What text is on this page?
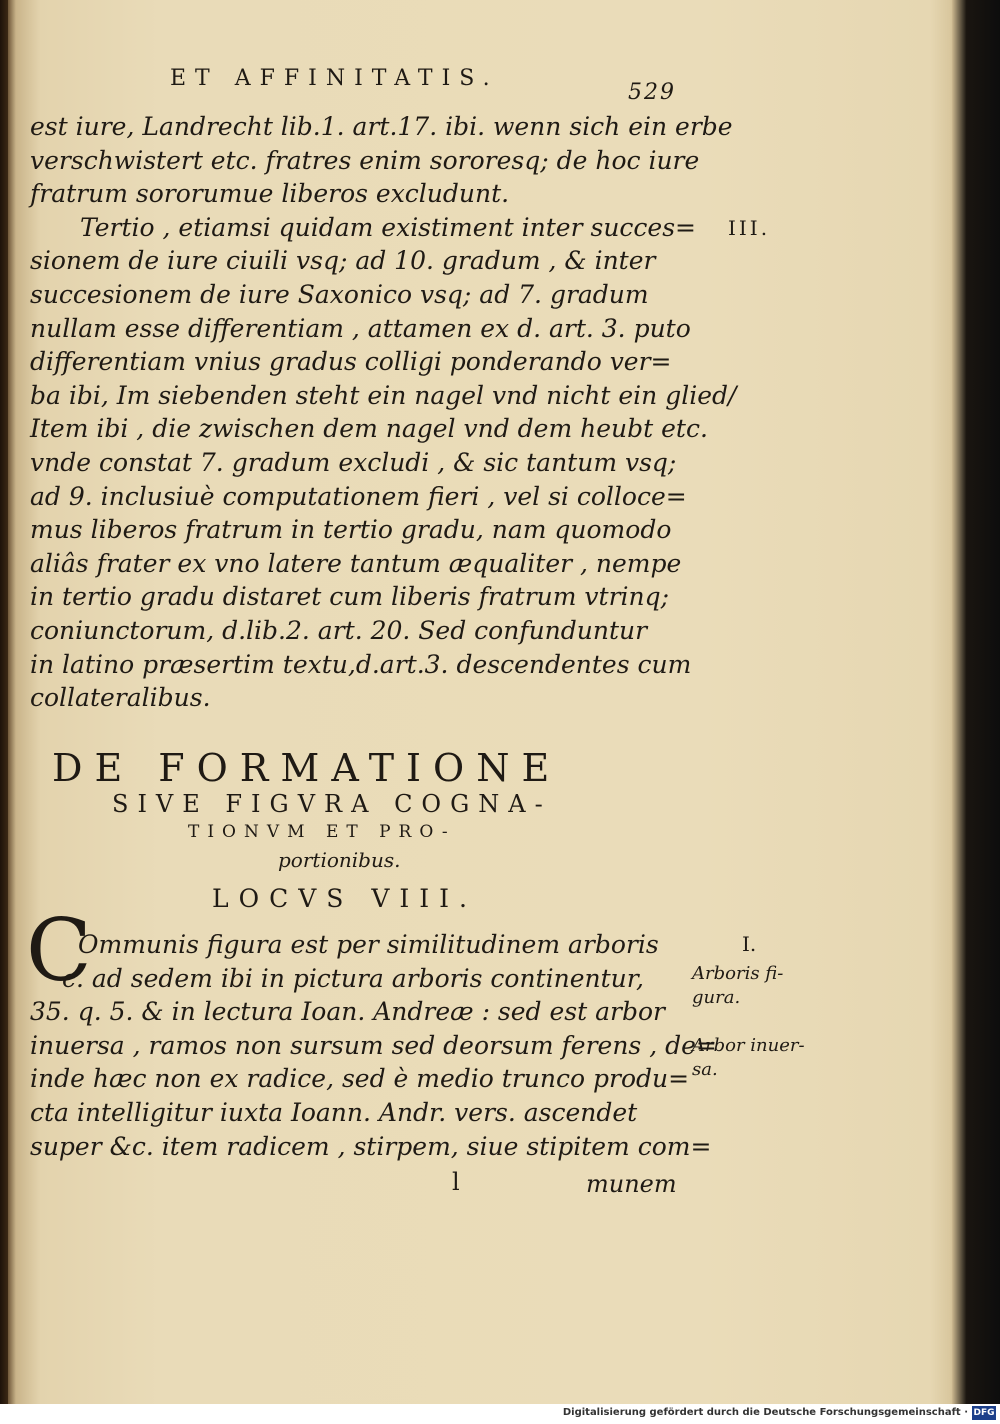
ET AFFINITATIS.
529
est iure, Landrecht lib.1. art.17. ibi. wenn sich ein erbe
verschwistert etc. fratres enim sororesq; de hoc iure
fratrum sororumue liberos excludunt.
Tertio , etiamsi quidam existiment inter succes=
sionem de iure ciuili vsq; ad 10. gradum , & inter
succesionem de iure Saxonico vsq; ad 7. gradum
nullam esse differentiam , attamen ex d. art. 3. puto
differentiam vnius gradus colligi ponderando ver=
ba ibi, Im siebenden steht ein nagel vnd nicht ein glied/
Item ibi , die zwischen dem nagel vnd dem heubt etc.
vnde constat 7. gradum excludi , & sic tantum vsq;
ad 9. inclusiuè computationem fieri , vel si colloce=
mus liberos fratrum in tertio gradu, nam quomodo
aliâs frater ex vno latere tantum æqualiter , nempe
in tertio gradu distaret cum liberis fratrum vtrinq;
coniunctorum, d.lib.2. art. 20. Sed confunduntur
in latino præsertim textu,d.art.3. descendentes cum
collateralibus.
DE FORMATIONE
SIVE FIGVRA COGNA-
TIONVM ET PRO-
portionibus.
LOCVS VIII.
C
Ommunis figura est per similitudinem arboris
c. ad sedem ibi in pictura arboris continentur,
35. q. 5. & in lectura Ioan. Andreæ : sed est arbor
inuersa , ramos non sursum sed deorsum ferens , de=
inde hæc non ex radice, sed è medio trunco produ=
cta intelligitur iuxta Ioann. Andr. vers. ascendet
super &c. item radicem , stirpem, siue stipitem com=
l	munem
III.
I.
Arboris fi-
gura.
Arbor inuer-
sa.
Digitalisierung gefördert durch die Deutsche Forschungsgemeinschaft · DFG
